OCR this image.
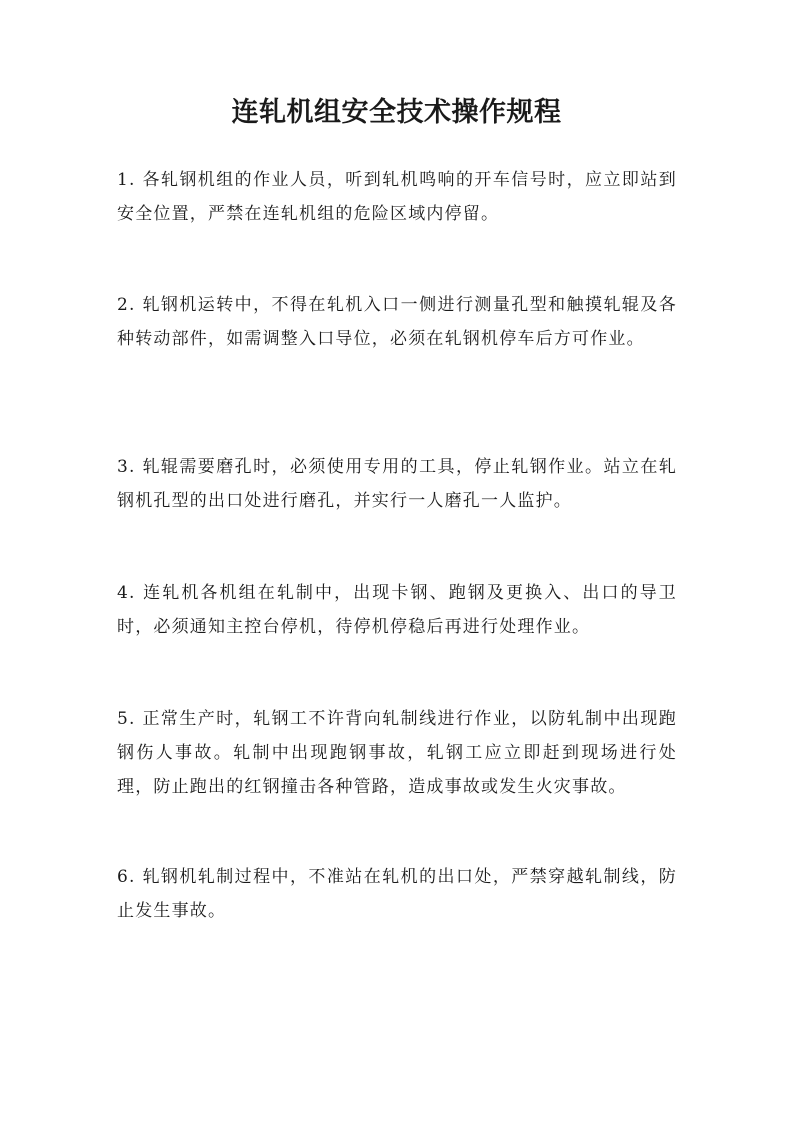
连轧机组安全技术操作规程

1. 各轧钢机组的作业人员，听到轧机鸣响的开车信号时，应立即站到安全位置，严禁在连轧机组的危险区域内停留。

2. 轧钢机运转中，不得在轧机入口一侧进行测量孔型和触摸轧辊及各种转动部件，如需调整入口导位，必须在轧钢机停车后方可作业。

3. 轧辊需要磨孔时，必须使用专用的工具，停止轧钢作业。站立在轧钢机孔型的出口处进行磨孔，并实行一人磨孔一人监护。

4. 连轧机各机组在轧制中，出现卡钢、跑钢及更换入、出口的导卫时，必须通知主控台停机，待停机停稳后再进行处理作业。

5. 正常生产时，轧钢工不许背向轧制线进行作业，以防轧制中出现跑钢伤人事故。轧制中出现跑钢事故，轧钢工应立即赶到现场进行处理，防止跑出的红钢撞击各种管路，造成事故或发生火灾事故。

6. 轧钢机轧制过程中，不准站在轧机的出口处，严禁穿越轧制线，防止发生事故。
